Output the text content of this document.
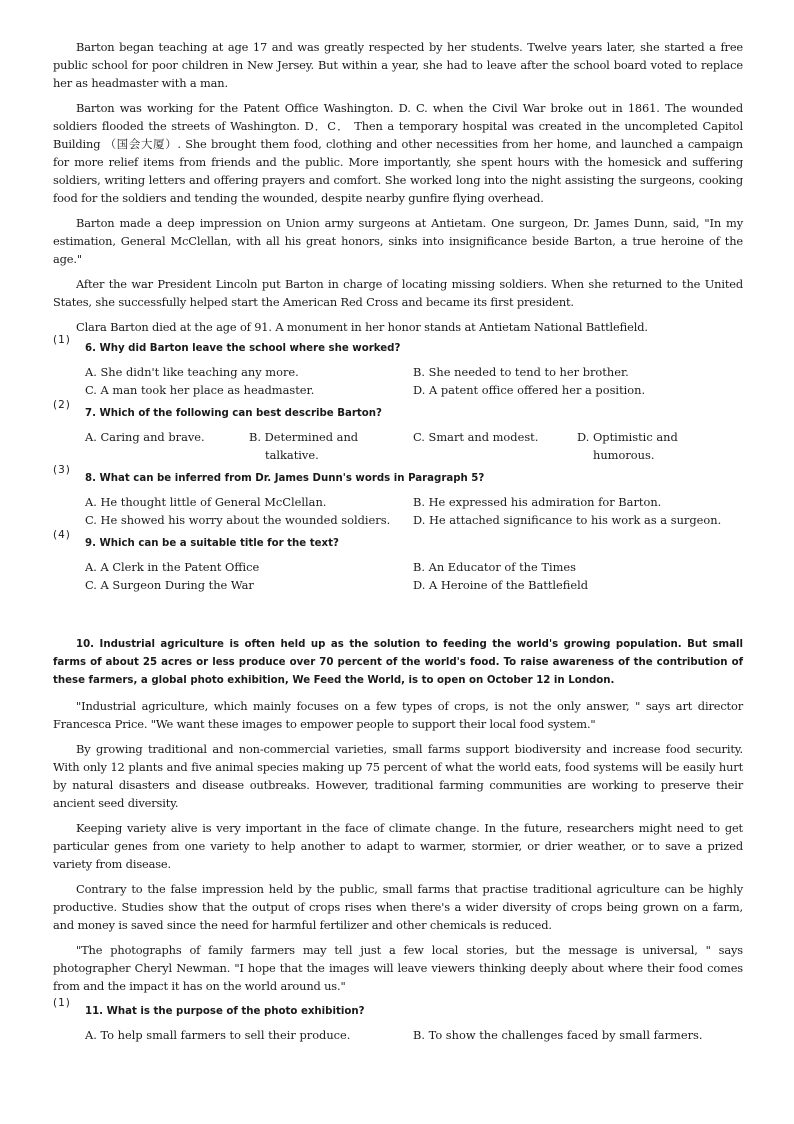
Barton began teaching at age 17 and was greatly respected by her students. Twelve years later, she started a free public school for poor children in New Jersey. But within a year, she had to leave after the school board voted to replace her as headmaster with a man.

Barton was working for the Patent Office Washington. D. C. when the Civil War broke out in 1861. The wounded soldiers flooded the streets of Washington. D．C． Then a temporary hospital was created in the uncompleted Capitol Building （国会大厦）. She brought them food, clothing and other necessities from her home, and launched a campaign for more relief items from friends and the public. More importantly, she spent hours with the homesick and suffering soldiers, writing letters and offering prayers and comfort. She worked long into the night assisting the surgeons, cooking food for the soldiers and tending the wounded, despite nearby gunfire flying overhead.

Barton made a deep impression on Union army surgeons at Antietam. One surgeon, Dr. James Dunn, said, "In my estimation, General McClellan, with all his great honors, sinks into insignificance beside Barton, a true heroine of the age."

After the war President Lincoln put Barton in charge of locating missing soldiers. When she returned to the United States, she successfully helped start the American Red Cross and became its first president.

Clara Barton died at the age of 91. A monument in her honor stands at Antietam National Battlefield.

(1)
6. Why did Barton leave the school where she worked?
A. She didn't like teaching any more.	B. She needed to tend to her brother.
C. A man took her place as headmaster.	D. A patent office offered her a position.
(2)
7. Which of the following can best describe Barton?
A. Caring and brave.	B. Determined and talkative.
C. Smart and modest.	D. Optimistic and humorous.
(3)
8. What can be inferred from Dr. James Dunn's words in Paragraph 5?
A. He thought little of General McClellan.	B. He expressed his admiration for Barton.
C. He showed his worry about the wounded soldiers.	D. He attached significance to his work as a surgeon.
(4)
9. Which can be a suitable title for the text?
A. A Clerk in the Patent Office	B. An Educator of the Times
C. A Surgeon During the War	D. A Heroine of the Battlefield

10. Industrial agriculture is often held up as the solution to feeding the world's growing population. But small farms of about 25 acres or less produce over 70 percent of the world's food. To raise awareness of the contribution of these farmers, a global photo exhibition, We Feed the World, is to open on October 12 in London.

"Industrial agriculture, which mainly focuses on a few types of crops, is not the only answer, " says art director Francesca Price. "We want these images to empower people to support their local food system."

By growing traditional and non-commercial varieties, small farms support biodiversity and increase food security. With only 12 plants and five animal species making up 75 percent of what the world eats, food systems will be easily hurt by natural disasters and disease outbreaks. However, traditional farming communities are working to preserve their ancient seed diversity.

Keeping variety alive is very important in the face of climate change. In the future, researchers might need to get particular genes from one variety to help another to adapt to warmer, stormier, or drier weather, or to save a prized variety from disease.

Contrary to the false impression held by the public, small farms that practise traditional agriculture can be highly productive. Studies show that the output of crops rises when there's a wider diversity of crops being grown on a farm, and money is saved since the need for harmful fertilizer and other chemicals is reduced.

"The photographs of family farmers may tell just a few local stories, but the message is universal, " says photographer Cheryl Newman. "I hope that the images will leave viewers thinking deeply about where their food comes from and the impact it has on the world around us."

(1)
11. What is the purpose of the photo exhibition?
A. To help small farmers to sell their produce.	B. To show the challenges faced by small farmers.
